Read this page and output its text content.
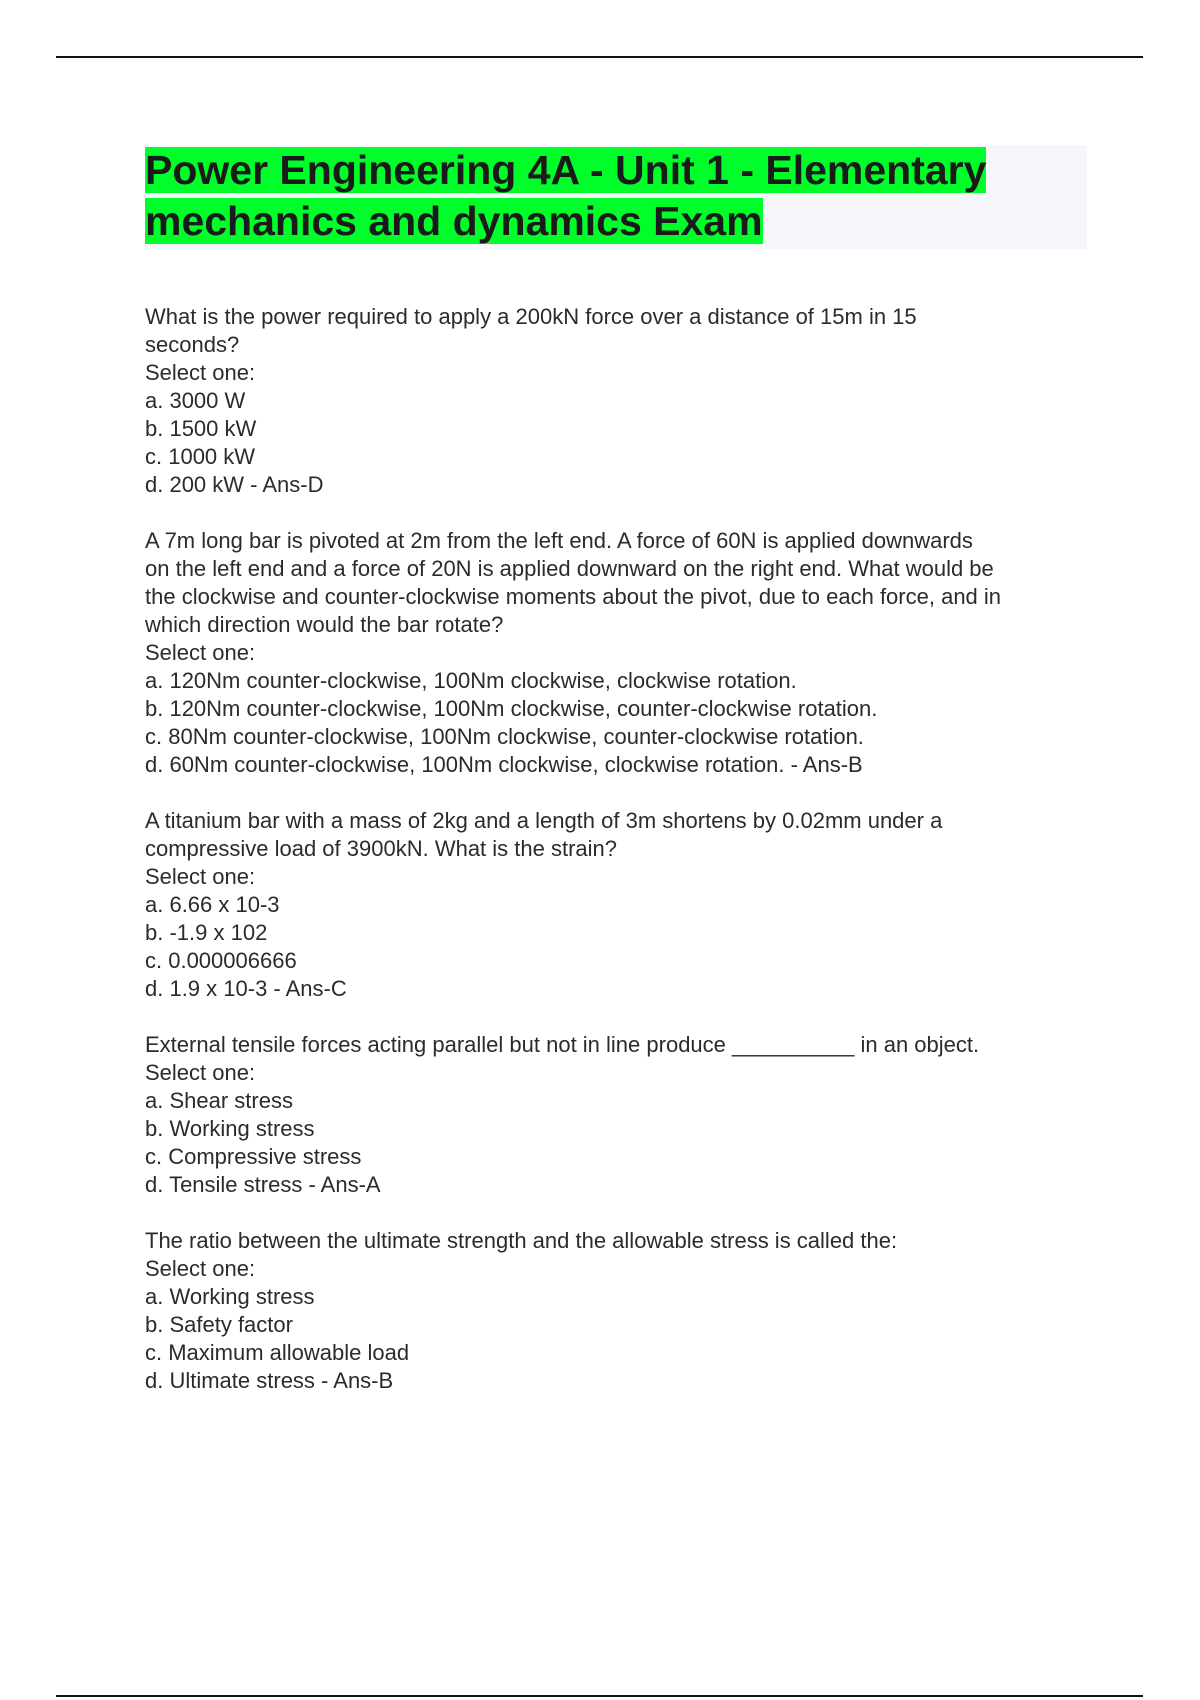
Power Engineering 4A - Unit 1 - Elementary
mechanics and dynamics Exam
What is the power required to apply a 200kN force over a distance of 15m in 15
seconds?
Select one:
a. 3000 W
b. 1500 kW
c. 1000 kW
d. 200 kW - Ans-D
A 7m long bar is pivoted at 2m from the left end. A force of 60N is applied downwards
on the left end and a force of 20N is applied downward on the right end. What would be
the clockwise and counter-clockwise moments about the pivot, due to each force, and in
which direction would the bar rotate?
Select one:
a. 120Nm counter-clockwise, 100Nm clockwise, clockwise rotation.
b. 120Nm counter-clockwise, 100Nm clockwise, counter-clockwise rotation.
c. 80Nm counter-clockwise, 100Nm clockwise, counter-clockwise rotation.
d. 60Nm counter-clockwise, 100Nm clockwise, clockwise rotation. - Ans-B
A titanium bar with a mass of 2kg and a length of 3m shortens by 0.02mm under a
compressive load of 3900kN. What is the strain?
Select one:
a. 6.66 x 10-3
b. -1.9 x 102
c. 0.000006666
d. 1.9 x 10-3 - Ans-C
External tensile forces acting parallel but not in line produce __________ in an object.
Select one:
a. Shear stress
b. Working stress
c. Compressive stress
d. Tensile stress - Ans-A
The ratio between the ultimate strength and the allowable stress is called the:
Select one:
a. Working stress
b. Safety factor
c. Maximum allowable load
d. Ultimate stress - Ans-B
